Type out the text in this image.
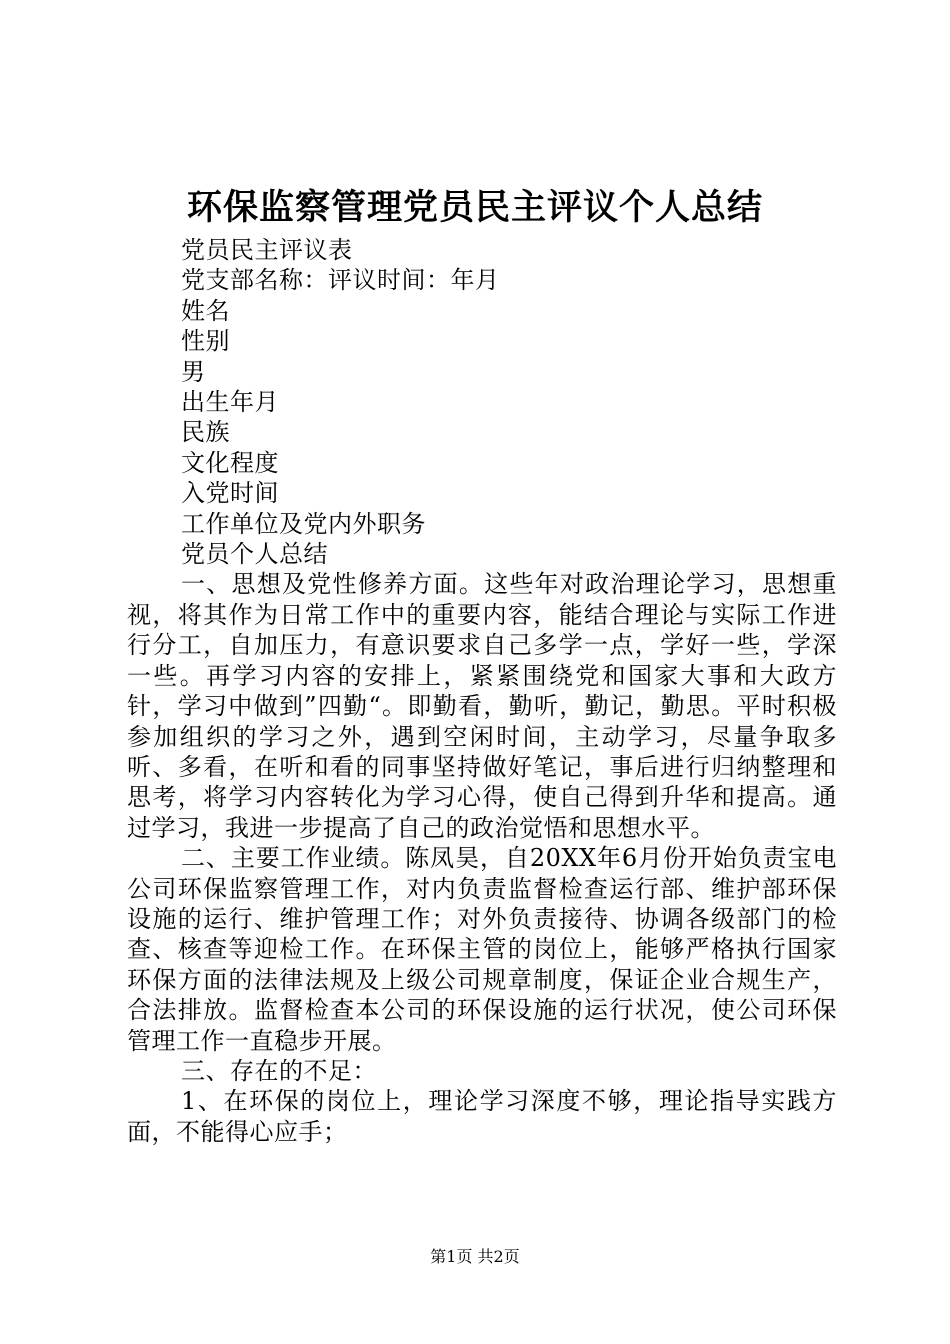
环保监察管理党员民主评议个人总结
党员民主评议表
党支部名称：评议时间：年月
姓名
性别
男
出生年月
民族
文化程度
入党时间
工作单位及党内外职务
党员个人总结
一、思想及党性修养方面。这些年对政治理论学习，思想重视，将其作为日常工作中的重要内容，能结合理论与实际工作进行分工，自加压力，有意识要求自己多学一点，学好一些，学深一些。再学习内容的安排上，紧紧围绕党和国家大事和大政方针，学习中做到”四勤“。即勤看，勤听，勤记，勤思。平时积极参加组织的学习之外，遇到空闲时间，主动学习，尽量争取多听、多看，在听和看的同事坚持做好笔记，事后进行归纳整理和思考，将学习内容转化为学习心得，使自己得到升华和提高。通过学习，我进一步提高了自己的政治觉悟和思想水平。
二、主要工作业绩。陈凤昊，自20XX年6月份开始负责宝电公司环保监察管理工作，对内负责监督检查运行部、维护部环保设施的运行、维护管理工作；对外负责接待、协调各级部门的检查、核查等迎检工作。在环保主管的岗位上，能够严格执行国家环保方面的法律法规及上级公司规章制度，保证企业合规生产，合法排放。监督检查本公司的环保设施的运行状况，使公司环保管理工作一直稳步开展。
三、存在的不足：
1、在环保的岗位上，理论学习深度不够，理论指导实践方面，不能得心应手；
第1页 共2页
